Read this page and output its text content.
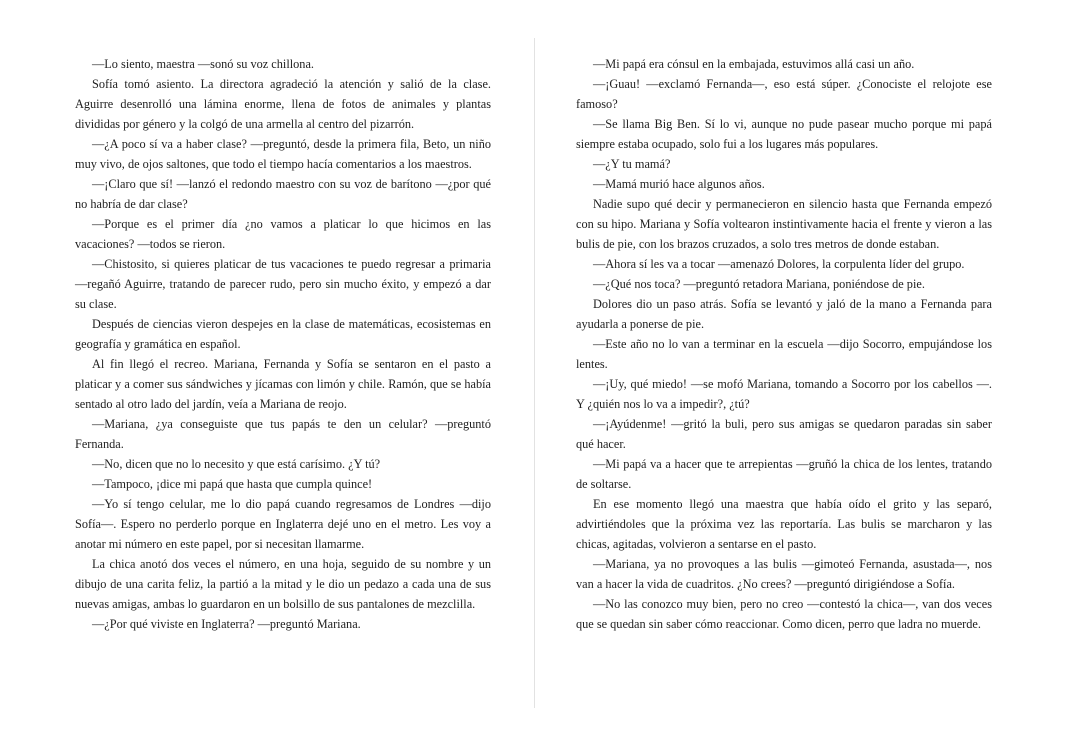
—Lo siento, maestra —sonó su voz chillona.

Sofía tomó asiento. La directora agradeció la atención y salió de la clase. Aguirre desenrolló una lámina enorme, llena de fotos de animales y plantas divididas por género y la colgó de una armella al centro del pizarrón.

—¿A poco sí va a haber clase? —preguntó, desde la primera fila, Beto, un niño muy vivo, de ojos saltones, que todo el tiempo hacía comentarios a los maestros.

—¡Claro que sí! —lanzó el redondo maestro con su voz de barítono —¿por qué no habría de dar clase?

—Porque es el primer día ¿no vamos a platicar lo que hicimos en las vacaciones? —todos se rieron.

—Chistosito, si quieres platicar de tus vacaciones te puedo regresar a primaria —regañó Aguirre, tratando de parecer rudo, pero sin mucho éxito, y empezó a dar su clase.

Después de ciencias vieron despejes en la clase de matemáticas, ecosistemas en geografía y gramática en español.

Al fin llegó el recreo. Mariana, Fernanda y Sofía se sentaron en el pasto a platicar y a comer sus sándwiches y jícamas con limón y chile. Ramón, que se había sentado al otro lado del jardín, veía a Mariana de reojo.

—Mariana, ¿ya conseguiste que tus papás te den un celular? —preguntó Fernanda.

—No, dicen que no lo necesito y que está carísimo. ¿Y tú?

—Tampoco, ¡dice mi papá que hasta que cumpla quince!

—Yo sí tengo celular, me lo dio papá cuando regresamos de Londres —dijo Sofía—. Espero no perderlo porque en Inglaterra dejé uno en el metro. Les voy a anotar mi número en este papel, por si necesitan llamarme.

La chica anotó dos veces el número, en una hoja, seguido de su nombre y un dibujo de una carita feliz, la partió a la mitad y le dio un pedazo a cada una de sus nuevas amigas, ambas lo guardaron en un bolsillo de sus pantalones de mezclilla.

—¿Por qué viviste en Inglaterra? —preguntó Mariana.

—Mi papá era cónsul en la embajada, estuvimos allá casi un año.

—¡Guau! —exclamó Fernanda—, eso está súper. ¿Conociste el relojote ese famoso?

—Se llama Big Ben. Sí lo vi, aunque no pude pasear mucho porque mi papá siempre estaba ocupado, solo fui a los lugares más populares.

—¿Y tu mamá?

—Mamá murió hace algunos años.

Nadie supo qué decir y permanecieron en silencio hasta que Fernanda empezó con su hipo. Mariana y Sofía voltearon instintivamente hacia el frente y vieron a las bulis de pie, con los brazos cruzados, a solo tres metros de donde estaban.

—Ahora sí les va a tocar —amenazó Dolores, la corpulenta líder del grupo.

—¿Qué nos toca? —preguntó retadora Mariana, poniéndose de pie.

Dolores dio un paso atrás. Sofía se levantó y jaló de la mano a Fernanda para ayudarla a ponerse de pie.

—Este año no lo van a terminar en la escuela —dijo Socorro, empujándose los lentes.

—¡Uy, qué miedo! —se mofó Mariana, tomando a Socorro por los cabellos —. Y ¿quién nos lo va a impedir?, ¿tú?

—¡Ayúdenme! —gritó la buli, pero sus amigas se quedaron paradas sin saber qué hacer.

—Mi papá va a hacer que te arrepientas —gruñó la chica de los lentes, tratando de soltarse.

En ese momento llegó una maestra que había oído el grito y las separó, advirtiéndoles que la próxima vez las reportaría. Las bulis se marcharon y las chicas, agitadas, volvieron a sentarse en el pasto.

—Mariana, ya no provoques a las bulis —gimoteó Fernanda, asustada—, nos van a hacer la vida de cuadritos. ¿No crees? —preguntó dirigiéndose a Sofía.

—No las conozco muy bien, pero no creo —contestó la chica—, van dos veces que se quedan sin saber cómo reaccionar. Como dicen, perro que ladra no muerde.
